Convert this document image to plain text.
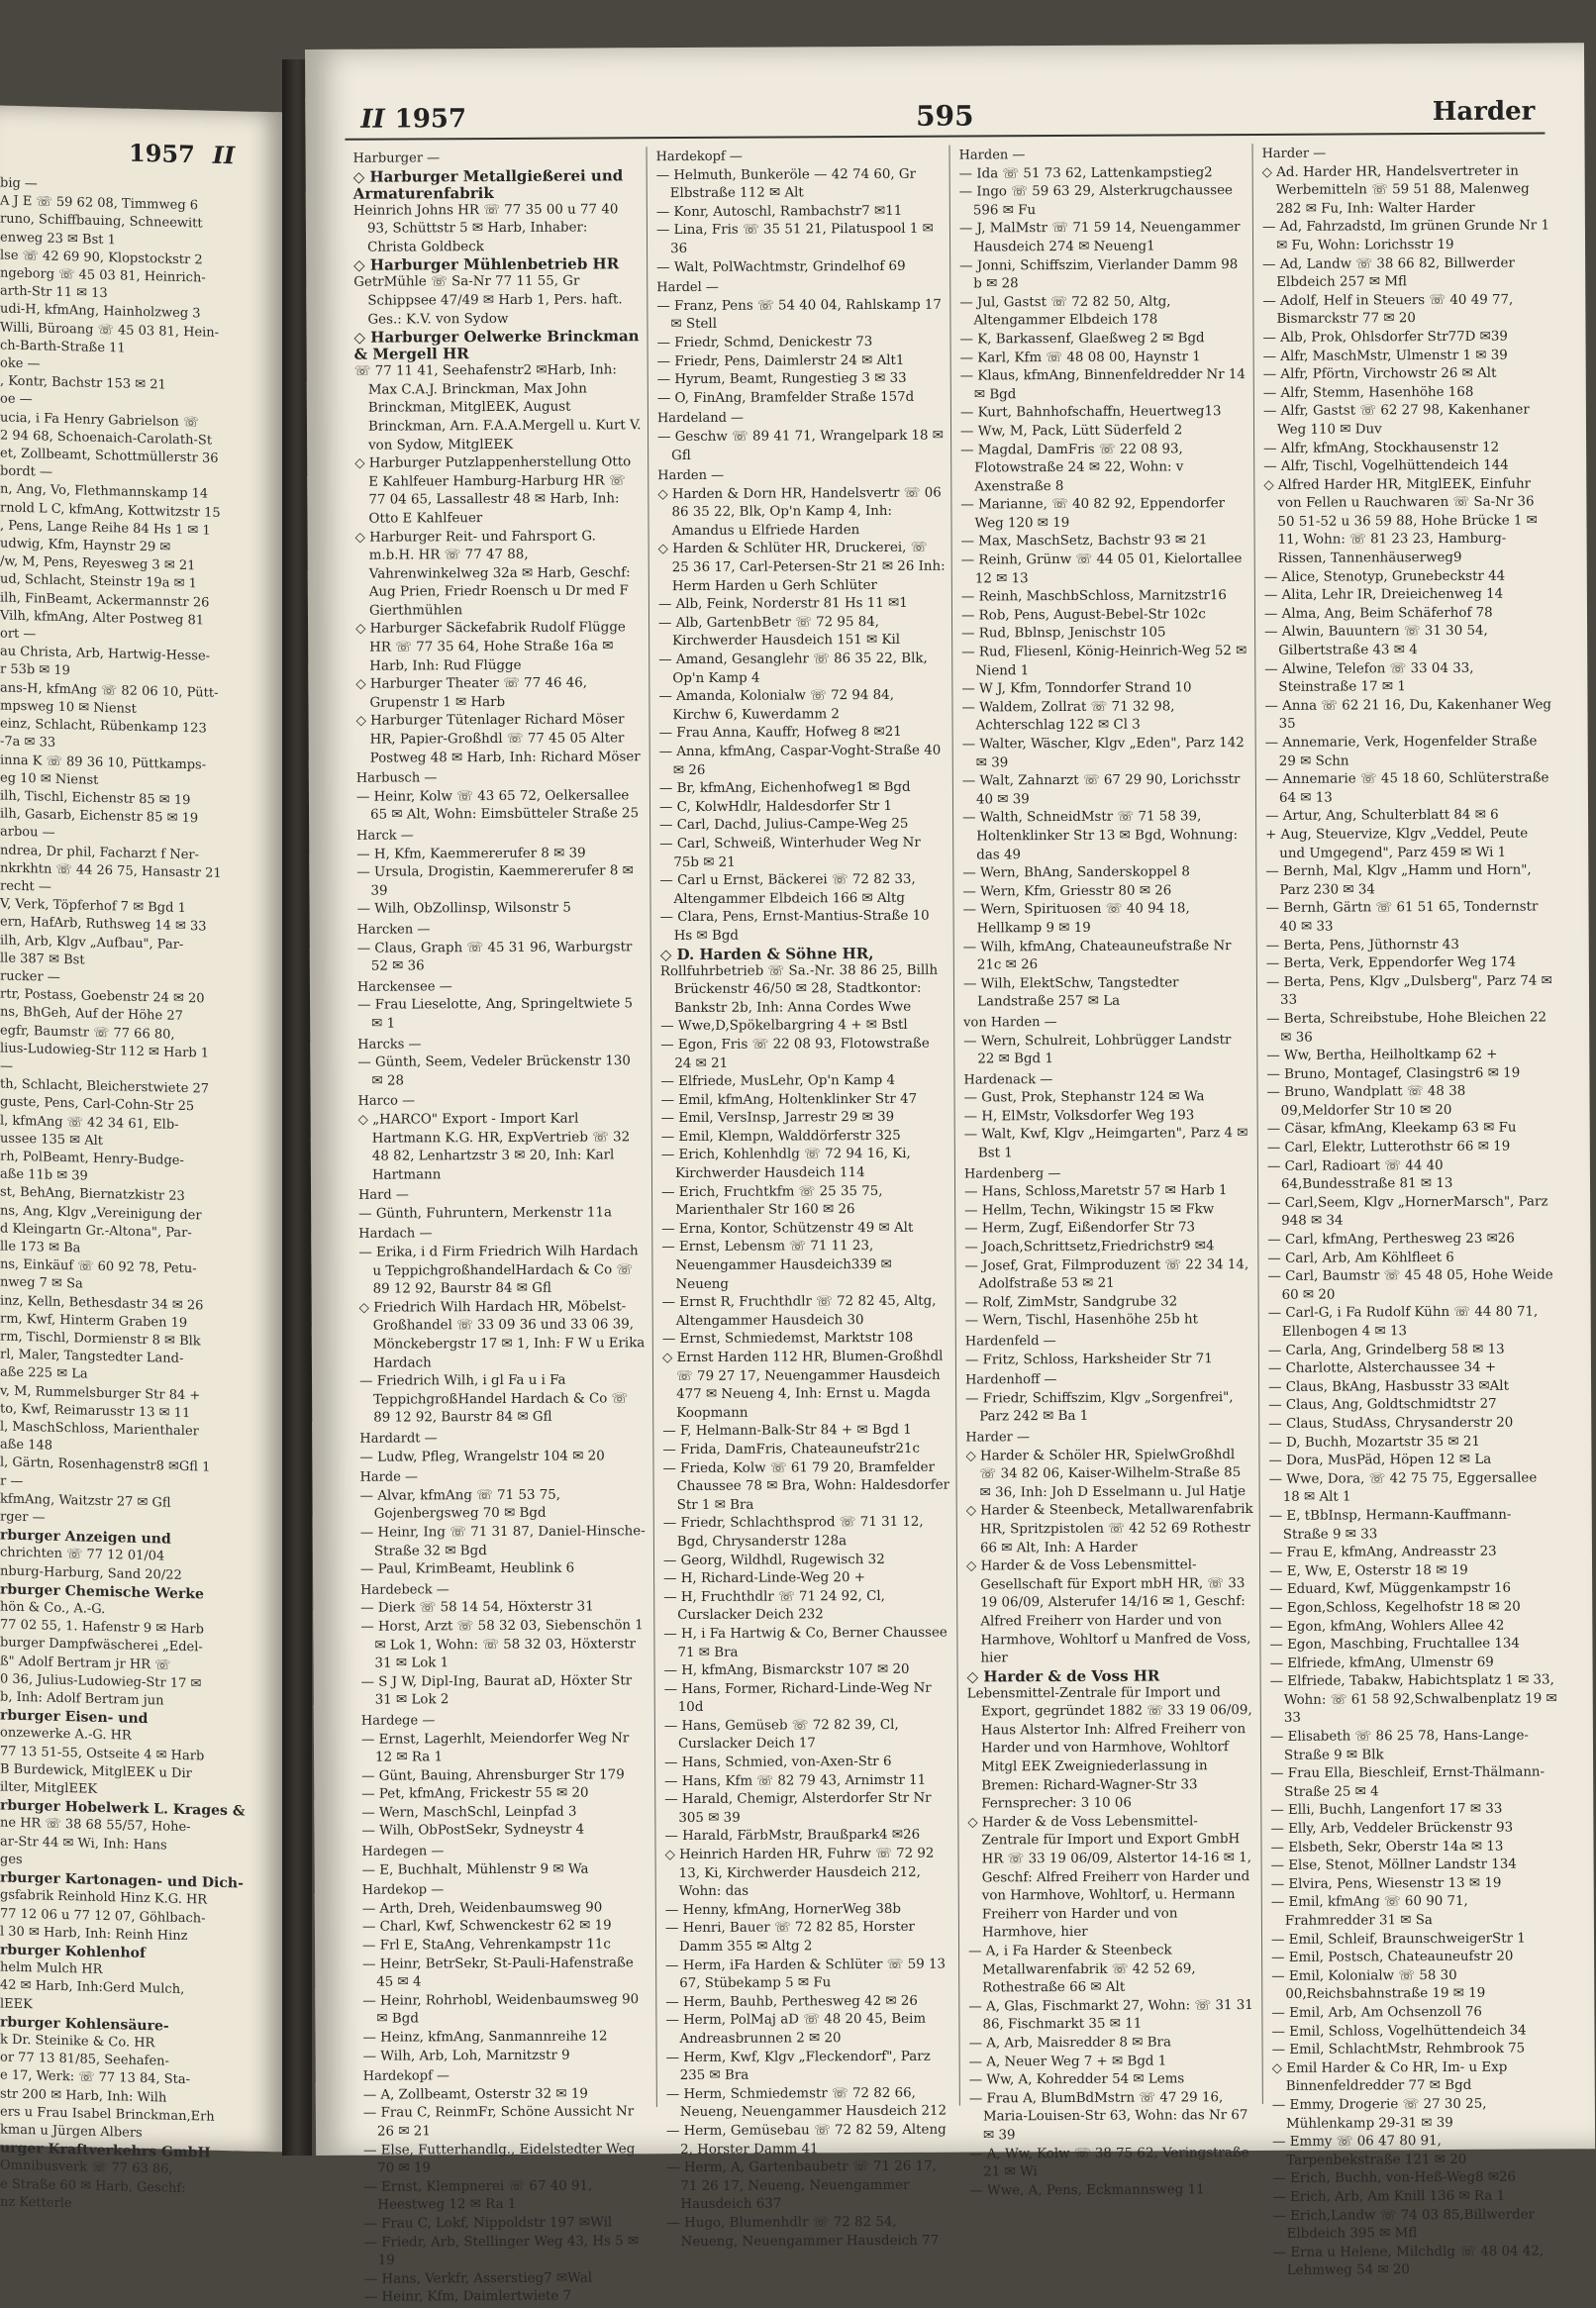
1957 II
big —
A J E ☏ 59 62 08, Timmweg 6
runo, Schiffbauing, Schneewitt
enweg 23 ✉ Bst 1
lse ☏ 42 69 90, Klopstockstr 2
ngeborg ☏ 45 03 81, Heinrich-
arth-Str 11 ✉ 13
udi-H, kfmAng, Hainholzweg 3
Willi, Büroang ☏ 45 03 81, Hein-
ch-Barth-Straße 11
oke —
, Kontr, Bachstr 153 ✉ 21
oe —
ucia, i Fa Henry Gabrielson ☏
2 94 68, Schoenaich-Carolath-St
et, Zollbeamt, Schottmüllerstr 36
bordt —
n, Ang, Vo, Flethmannskamp 14
rnold L C, kfmAng, Kottwitzstr 15
, Pens, Lange Reihe 84 Hs 1 ✉ 1
udwig, Kfm, Haynstr 29 ✉
/w, M, Pens, Reyesweg 3 ✉ 21
ud, Schlacht, Steinstr 19a ✉ 1
ilh, FinBeamt, Ackermannstr 26
Vilh, kfmAng, Alter Postweg 81
ort —
au Christa, Arb, Hartwig-Hesse-
r 53b ✉ 19
ans-H, kfmAng ☏ 82 06 10, Pütt-
mpsweg 10 ✉ Nienst
einz, Schlacht, Rübenkamp 123
-7a ✉ 33
inna K ☏ 89 36 10, Püttkamps-
eg 10 ✉ Nienst
ilh, Tischl, Eichenstr 85 ✉ 19
ilh, Gasarb, Eichenstr 85 ✉ 19
arbou —
ndrea, Dr phil, Facharzt f Ner-
nkrkhtn ☏ 44 26 75, Hansastr 21
recht —
V, Verk, Töpferhof 7 ✉ Bgd 1
ern, HafArb, Ruthsweg 14 ✉ 33
ilh, Arb, Klgv „Aufbau", Par-
lle 387 ✉ Bst
rucker —
rtr, Postass, Goebenstr 24 ✉ 20
ns, BhGeh, Auf der Höhe 27
egfr, Baumstr ☏ 77 66 80,
lius-Ludowieg-Str 112 ✉ Harb 1
—
th, Schlacht, Bleicherstwiete 27
guste, Pens, Carl-Cohn-Str 25
l, kfmAng ☏ 42 34 61, Elb-
ussee 135 ✉ Alt
rh, PolBeamt, Henry-Budge-
aße 11b ✉ 39
st, BehAng, Biernatzkistr 23
ns, Ang, Klgv „Vereinigung der
d Kleingartn Gr.-Altona", Par-
lle 173 ✉ Ba
ns, Einkäuf ☏ 60 92 78, Petu-
nweg 7 ✉ Sa
inz, Kelln, Bethesdastr 34 ✉ 26
rm, Kwf, Hinterm Graben 19
rm, Tischl, Dormienstr 8 ✉ Blk
rl, Maler, Tangstedter Land-
aße 225 ✉ La
v, M, Rummelsburger Str 84 +
to, Kwf, Reimarusstr 13 ✉ 11
l, MaschSchloss, Marienthaler
aße 148
l, Gärtn, Rosenhagenstr8 ✉Gfl 1
r —
kfmAng, Waitzstr 27 ✉ Gfl
rger —
rburger Anzeigen und
chrichten ☏ 77 12 01/04
nburg-Harburg, Sand 20/22
rburger Chemische Werke
hön & Co., A.-G.
77 02 55, 1. Hafenstr 9 ✉ Harb
burger Dampfwäscherei „Edel-
ß" Adolf Bertram jr HR ☏
0 36, Julius-Ludowieg-Str 17 ✉
b, Inh: Adolf Bertram jun
rburger Eisen- und
onzewerke A.-G. HR
77 13 51-55, Ostseite 4 ✉ Harb
B Burdewick, MitglEEK u Dir
ilter, MitglEEK
rburger Hobelwerk L. Krages &
ne HR ☏ 38 68 55/57, Hohe-
ar-Str 44 ✉ Wi, Inh: Hans
ges
rburger Kartonagen- und Dich-
gsfabrik Reinhold Hinz K.G. HR
77 12 06 u 77 12 07, Göhlbach-
l 30 ✉ Harb, Inh: Reinh Hinz
rburger Kohlenhof
helm Mulch HR
42 ✉ Harb, Inh:Gerd Mulch,
lEEK
rburger Kohlensäure-
k Dr. Steinike & Co. HR
or 77 13 81/85, Seehafen-
e 17, Werk: ☏ 77 13 84, Sta-
str 200 ✉ Harb, Inh: Wilh
ers u Frau Isabel Brinckman,Erh
kman u Jürgen Albers
urger Kraftverkehrs GmbH
Omnibusverk ☏ 77 63 86,
e Straße 60 ✉ Harb, Geschf:
nz Ketterle
II 1957	595	Harder
Harburger —
◇ Harburger Metallgießerei und Armaturenfabrik
Heinrich Johns HR ☏ 77 35 00 u 77 40 93, Schüttstr 5 ✉ Harb, Inhaber: Christa Goldbeck
◇ Harburger Mühlenbetrieb HR
GetrMühle ☏ Sa-Nr 77 11 55, Gr Schippsee 47/49 ✉ Harb 1, Pers. haft. Ges.: K.V. von Sydow
◇ Harburger Oelwerke Brinckman & Mergell HR
☏ 77 11 41, Seehafenstr2 ✉Harb, Inh: Max C.A.J. Brinckman, Max John Brinckman, MitglEEK, August Brinckman, Arn. F.A.A.Mergell u. Kurt V. von Sydow, MitglEEK
◇ Harburger Putzlappenherstellung Otto E Kahlfeuer Hamburg-Harburg HR ☏ 77 04 65, Lassallestr 48 ✉ Harb, Inh: Otto E Kahlfeuer
◇ Harburger Reit- und Fahrsport G. m.b.H. HR ☏ 77 47 88, Vahrenwinkelweg 32a ✉ Harb, Geschf: Aug Prien, Friedr Roensch u Dr med F Gierthmühlen
◇ Harburger Säckefabrik Rudolf Flügge HR ☏ 77 35 64, Hohe Straße 16a ✉ Harb, Inh: Rud Flügge
◇ Harburger Theater ☏ 77 46 46, Grupenstr 1 ✉ Harb
◇ Harburger Tütenlager Richard Möser HR, Papier-Großhdl ☏ 77 45 05 Alter Postweg 48 ✉ Harb, Inh: Richard Möser
Harbusch —
— Heinr, Kolw ☏ 43 65 72, Oelkersallee 65 ✉ Alt, Wohn: Eimsbütteler Straße 25
Harck —
— H, Kfm, Kaemmererufer 8 ✉ 39
— Ursula, Drogistin, Kaemmererufer 8 ✉ 39
— Wilh, ObZollinsp, Wilsonstr 5
Harcken —
— Claus, Graph ☏ 45 31 96, Warburgstr 52 ✉ 36
Harckensee —
— Frau Lieselotte, Ang, Springeltwiete 5 ✉ 1
Harcks —
— Günth, Seem, Vedeler Brückenstr 130 ✉ 28
Harco —
◇ „HARCO" Export - Import Karl Hartmann K.G. HR, ExpVertrieb ☏ 32 48 82, Lenhartzstr 3 ✉ 20, Inh: Karl Hartmann
Hard —
— Günth, Fuhruntern, Merkenstr 11a
Hardach —
— Erika, i d Firm Friedrich Wilh Hardach u TeppichgroßhandelHardach & Co ☏ 89 12 92, Baurstr 84 ✉ Gfl
◇ Friedrich Wilh Hardach HR, Möbelst-Großhandel ☏ 33 09 36 und 33 06 39, Mönckebergstr 17 ✉ 1, Inh: F W u Erika Hardach
— Friedrich Wilh, i gl Fa u i Fa TeppichgroßHandel Hardach & Co ☏ 89 12 92, Baurstr 84 ✉ Gfl
Hardardt —
— Ludw, Pfleg, Wrangelstr 104 ✉ 20
Harde —
— Alvar, kfmAng ☏ 71 53 75, Gojenbergsweg 70 ✉ Bgd
— Heinr, Ing ☏ 71 31 87, Daniel-Hinsche-Straße 32 ✉ Bgd
— Paul, KrimBeamt, Heublink 6
Hardebeck —
— Dierk ☏ 58 14 54, Höxterstr 31
— Horst, Arzt ☏ 58 32 03, Siebenschön 1 ✉ Lok 1, Wohn: ☏ 58 32 03, Höxterstr 31 ✉ Lok 1
— S J W, Dipl-Ing, Baurat aD, Höxter Str 31 ✉ Lok 2
Hardege —
— Ernst, Lagerhlt, Meiendorfer Weg Nr 12 ✉ Ra 1
— Günt, Bauing, Ahrensburger Str 179
— Pet, kfmAng, Frickestr 55 ✉ 20
— Wern, MaschSchl, Leinpfad 3
— Wilh, ObPostSekr, Sydneystr 4
Hardegen —
— E, Buchhalt, Mühlenstr 9 ✉ Wa
Hardekop —
— Arth, Dreh, Weidenbaumsweg 90
— Charl, Kwf, Schwenckestr 62 ✉ 19
— Frl E, StaAng, Vehrenkampstr 11c
— Heinr, BetrSekr, St-Pauli-Hafenstraße 45 ✉ 4
— Heinr, Rohrhobl, Weidenbaumsweg 90 ✉ Bgd
— Heinz, kfmAng, Sanmannreihe 12
— Wilh, Arb, Loh, Marnitzstr 9
Hardekopf —
— A, Zollbeamt, Osterstr 32 ✉ 19
— Frau C, ReinmFr, Schöne Aussicht Nr 26 ✉ 21
— Else, Futterhandlg., Eidelstedter Weg 70 ✉ 19
— Ernst, Klempnerei ☏ 67 40 91, Heestweg 12 ✉ Ra 1
— Frau C, Lokf, Nippoldstr 197 ✉Wil
— Friedr, Arb, Stellinger Weg 43, Hs 5 ✉ 19
— Hans, Verkfr, Asserstieg7 ✉Wal
— Heinr, Kfm, Daimlertwiete 7
Hardekopf —
— Helmuth, Bunkeröle — 42 74 60, Gr Elbstraße 112 ✉ Alt
— Konr, Autoschl, Rambachstr7 ✉11
— Lina, Fris ☏ 35 51 21, Pilatuspool 1 ✉ 36
— Walt, PolWachtmstr, Grindelhof 69
Hardel —
— Franz, Pens ☏ 54 40 04, Rahlskamp 17 ✉ Stell
— Friedr, Schmd, Denickestr 73
— Friedr, Pens, Daimlerstr 24 ✉ Alt1
— Hyrum, Beamt, Rungestieg 3 ✉ 33
— O, FinAng, Bramfelder Straße 157d
Hardeland —
— Geschw ☏ 89 41 71, Wrangelpark 18 ✉ Gfl
Harden —
◇ Harden & Dorn HR, Handelsvertr ☏ 06 86 35 22, Blk, Op'n Kamp 4, Inh: Amandus u Elfriede Harden
◇ Harden & Schlüter HR, Druckerei, ☏ 25 36 17, Carl-Petersen-Str 21 ✉ 26 Inh: Herm Harden u Gerh Schlüter
— Alb, Feink, Norderstr 81 Hs 11 ✉1
— Alb, GartenbBetr ☏ 72 95 84, Kirchwerder Hausdeich 151 ✉ Kil
— Amand, Gesanglehr ☏ 86 35 22, Blk, Op'n Kamp 4
— Amanda, Kolonialw ☏ 72 94 84, Kirchw 6, Kuwerdamm 2
— Frau Anna, Kauffr, Hofweg 8 ✉21
— Anna, kfmAng, Caspar-Voght-Straße 40 ✉ 26
— Br, kfmAng, Eichenhofweg1 ✉ Bgd
— C, KolwHdlr, Haldesdorfer Str 1
— Carl, Dachd, Julius-Campe-Weg 25
— Carl, Schweiß, Winterhuder Weg Nr 75b ✉ 21
— Carl u Ernst, Bäckerei ☏ 72 82 33, Altengammer Elbdeich 166 ✉ Altg
— Clara, Pens, Ernst-Mantius-Straße 10 Hs ✉ Bgd
◇ D. Harden & Söhne HR,
Rollfuhrbetrieb ☏ Sa.-Nr. 38 86 25, Billh Brückenstr 46/50 ✉ 28, Stadtkontor: Bankstr 2b, Inh: Anna Cordes Wwe
— Wwe,D,Spökelbargring 4 + ✉ Bstl
— Egon, Fris ☏ 22 08 93, Flotowstraße 24 ✉ 21
— Elfriede, MusLehr, Op'n Kamp 4
— Emil, kfmAng, Holtenklinker Str 47
— Emil, VersInsp, Jarrestr 29 ✉ 39
— Emil, Klempn, Walddörferstr 325
— Erich, Kohlenhdlg ☏ 72 94 16, Ki, Kirchwerder Hausdeich 114
— Erich, Fruchtkfm ☏ 25 35 75, Marienthaler Str 160 ✉ 26
— Erna, Kontor, Schützenstr 49 ✉ Alt
— Ernst, Lebensm ☏ 71 11 23, Neuengammer Hausdeich339 ✉ Neueng
— Ernst R, Fruchthdlr ☏ 72 82 45, Altg, Altengammer Hausdeich 30
— Ernst, Schmiedemst, Marktstr 108
◇ Ernst Harden 112 HR, Blumen-Großhdl ☏ 79 27 17, Neuengammer Hausdeich 477 ✉ Neueng 4, Inh: Ernst u. Magda Koopmann
— F, Helmann-Balk-Str 84 + ✉ Bgd 1
— Frida, DamFris, Chateauneufstr21c
— Frieda, Kolw ☏ 61 79 20, Bramfelder Chaussee 78 ✉ Bra, Wohn: Haldesdorfer Str 1 ✉ Bra
— Friedr, Schlachthsprod ☏ 71 31 12, Bgd, Chrysanderstr 128a
— Georg, Wildhdl, Rugewisch 32
— H, Richard-Linde-Weg 20 +
— H, Fruchthdlr ☏ 71 24 92, Cl, Curslacker Deich 232
— H, i Fa Hartwig & Co, Berner Chaussee 71 ✉ Bra
— H, kfmAng, Bismarckstr 107 ✉ 20
— Hans, Former, Richard-Linde-Weg Nr 10d
— Hans, Gemüseb ☏ 72 82 39, Cl, Curslacker Deich 17
— Hans, Schmied, von-Axen-Str 6
— Hans, Kfm ☏ 82 79 43, Arnimstr 11
— Harald, Chemigr, Alsterdorfer Str Nr 305 ✉ 39
— Harald, FärbMstr, Braußpark4 ✉26
◇ Heinrich Harden HR, Fuhrw ☏ 72 92 13, Ki, Kirchwerder Hausdeich 212, Wohn: das
— Henny, kfmAng, HornerWeg 38b
— Henri, Bauer ☏ 72 82 85, Horster Damm 355 ✉ Altg 2
— Herm, iFa Harden & Schlüter ☏ 59 13 67, Stübekamp 5 ✉ Fu
— Herm, Bauhb, Perthesweg 42 ✉ 26
— Herm, PolMaj aD ☏ 48 20 45, Beim Andreasbrunnen 2 ✉ 20
— Herm, Kwf, Klgv „Fleckendorf", Parz 235 ✉ Bra
— Herm, Schmiedemstr ☏ 72 82 66, Neueng, Neuengammer Hausdeich 212
— Herm, Gemüsebau ☏ 72 82 59, Alteng 2, Horster Damm 41
— Herm, A, Gartenbaubetr ☏ 71 26 17, 71 26 17, Neueng, Neuengammer Hausdeich 637
— Hugo, Blumenhdlr ☏ 72 82 54, Neueng, Neuengammer Hausdeich 77
Harden —
— Ida ☏ 51 73 62, Lattenkampstieg2
— Ingo ☏ 59 63 29, Alsterkrugchaussee 596 ✉ Fu
— J, MalMstr ☏ 71 59 14, Neuengammer Hausdeich 274 ✉ Neueng1
— Jonni, Schiffszim, Vierlander Damm 98 b ✉ 28
— Jul, Gastst ☏ 72 82 50, Altg, Altengammer Elbdeich 178
— K, Barkassenf, Glaeßweg 2 ✉ Bgd
— Karl, Kfm ☏ 48 08 00, Haynstr 1
— Klaus, kfmAng, Binnenfeldredder Nr 14 ✉ Bgd
— Kurt, Bahnhofschaffn, Heuertweg13
— Ww, M, Pack, Lütt Süderfeld 2
— Magdal, DamFris ☏ 22 08 93, Flotowstraße 24 ✉ 22, Wohn: v Axenstraße 8
— Marianne, ☏ 40 82 92, Eppendorfer Weg 120 ✉ 19
— Max, MaschSetz, Bachstr 93 ✉ 21
— Reinh, Grünw ☏ 44 05 01, Kielortallee 12 ✉ 13
— Reinh, MaschbSchloss, Marnitzstr16
— Rob, Pens, August-Bebel-Str 102c
— Rud, Bblnsp, Jenischstr 105
— Rud, Fliesenl, König-Heinrich-Weg 52 ✉ Niend 1
— W J, Kfm, Tonndorfer Strand 10
— Waldem, Zollrat ☏ 71 32 98, Achterschlag 122 ✉ Cl 3
— Walter, Wäscher, Klgv „Eden", Parz 142 ✉ 39
— Walt, Zahnarzt ☏ 67 29 90, Lorichsstr 40 ✉ 39
— Walth, SchneidMstr ☏ 71 58 39, Holtenklinker Str 13 ✉ Bgd, Wohnung: das 49
— Wern, BhAng, Sanderskoppel 8
— Wern, Kfm, Griesstr 80 ✉ 26
— Wern, Spirituosen ☏ 40 94 18, Hellkamp 9 ✉ 19
— Wilh, kfmAng, Chateauneufstraße Nr 21c ✉ 26
— Wilh, ElektSchw, Tangstedter Landstraße 257 ✉ La
von Harden —
— Wern, Schulreit, Lohbrügger Landstr 22 ✉ Bgd 1
Hardenack —
— Gust, Prok, Stephanstr 124 ✉ Wa
— H, ElMstr, Volksdorfer Weg 193
— Walt, Kwf, Klgv „Heimgarten", Parz 4 ✉ Bst 1
Hardenberg —
— Hans, Schloss,Maretstr 57 ✉ Harb 1
— Hellm, Techn, Wikingstr 15 ✉ Fkw
— Herm, Zugf, Eißendorfer Str 73
— Joach,Schrittsetz,Friedrichstr9 ✉4
— Josef, Grat, Filmproduzent ☏ 22 34 14, Adolfstraße 53 ✉ 21
— Rolf, ZimMstr, Sandgrube 32
— Wern, Tischl, Hasenhöhe 25b ht
Hardenfeld —
— Fritz, Schloss, Harksheider Str 71
Hardenhoff —
— Friedr, Schiffszim, Klgv „Sorgenfrei", Parz 242 ✉ Ba 1
Harder —
◇ Harder & Schöler HR, SpielwGroßhdl ☏ 34 82 06, Kaiser-Wilhelm-Straße 85 ✉ 36, Inh: Joh D Esselmann u. Jul Hatje
◇ Harder & Steenbeck, Metallwarenfabrik HR, Spritzpistolen ☏ 42 52 69 Rothestr 66 ✉ Alt, Inh: A Harder
◇ Harder & de Voss Lebensmittel-Gesellschaft für Export mbH HR, ☏ 33 19 06/09, Alsterufer 14/16 ✉ 1, Geschf: Alfred Freiherr von Harder und von Harmhove, Wohltorf u Manfred de Voss, hier
◇ Harder & de Voss HR
Lebensmittel-Zentrale für Import und Export, gegründet 1882 ☏ 33 19 06/09, Haus Alstertor Inh: Alfred Freiherr von Harder und von Harmhove, Wohltorf Mitgl EEK Zweigniederlassung in Bremen: Richard-Wagner-Str 33 Fernsprecher: 3 10 06
◇ Harder & de Voss Lebensmittel-Zentrale für Import und Export GmbH HR ☏ 33 19 06/09, Alstertor 14-16 ✉ 1, Geschf: Alfred Freiherr von Harder und von Harmhove, Wohltorf, u. Hermann Freiherr von Harder und von Harmhove, hier
— A, i Fa Harder & Steenbeck Metallwarenfabrik ☏ 42 52 69, Rothestraße 66 ✉ Alt
— A, Glas, Fischmarkt 27, Wohn: ☏ 31 31 86, Fischmarkt 35 ✉ 11
— A, Arb, Maisredder 8 ✉ Bra
— A, Neuer Weg 7 + ✉ Bgd 1
— Ww, A, Kohredder 54 ✉ Lems
— Frau A, BlumBdMstrn ☏ 47 29 16, Maria-Louisen-Str 63, Wohn: das Nr 67 ✉ 39
— A, Ww, Kolw ☏ 38 75 62, Veringstraße 21 ✉ Wi
— Wwe, A, Pens, Eckmannsweg 11
Harder —
◇ Ad. Harder HR, Handelsvertreter in Werbemitteln ☏ 59 51 88, Malenweg 282 ✉ Fu, Inh: Walter Harder
— Ad, Fahrzadstd, Im grünen Grunde Nr 1 ✉ Fu, Wohn: Lorichsstr 19
— Ad, Landw ☏ 38 66 82, Billwerder Elbdeich 257 ✉ Mfl
— Adolf, Helf in Steuers ☏ 40 49 77, Bismarckstr 77 ✉ 20
— Alb, Prok, Ohlsdorfer Str77D ✉39
— Alfr, MaschMstr, Ulmenstr 1 ✉ 39
— Alfr, Pförtn, Virchowstr 26 ✉ Alt
— Alfr, Stemm, Hasenhöhe 168
— Alfr, Gastst ☏ 62 27 98, Kakenhaner Weg 110 ✉ Duv
— Alfr, kfmAng, Stockhausenstr 12
— Alfr, Tischl, Vogelhüttendeich 144
◇ Alfred Harder HR, MitglEEK, Einfuhr von Fellen u Rauchwaren ☏ Sa-Nr 36 50 51-52 u 36 59 88, Hohe Brücke 1 ✉ 11, Wohn: ☏ 81 23 23, Hamburg-Rissen, Tannenhäuserweg9
— Alice, Stenotyp, Grunebeckstr 44
— Alita, Lehr IR, Dreieichenweg 14
— Alma, Ang, Beim Schäferhof 78
— Alwin, Bauuntern ☏ 31 30 54, Gilbertstraße 43 ✉ 4
— Alwine, Telefon ☏ 33 04 33, Steinstraße 17 ✉ 1
— Anna ☏ 62 21 16, Du, Kakenhaner Weg 35
— Annemarie, Verk, Hogenfelder Straße 29 ✉ Schn
— Annemarie ☏ 45 18 60, Schlüterstraße 64 ✉ 13
— Artur, Ang, Schulterblatt 84 ✉ 6
+ Aug, Steuervize, Klgv „Veddel, Peute und Umgegend", Parz 459 ✉ Wi 1
— Bernh, Mal, Klgv „Hamm und Horn", Parz 230 ✉ 34
— Bernh, Gärtn ☏ 61 51 65, Tondernstr 40 ✉ 33
— Berta, Pens, Jüthornstr 43
— Berta, Verk, Eppendorfer Weg 174
— Berta, Pens, Klgv „Dulsberg", Parz 74 ✉ 33
— Berta, Schreibstube, Hohe Bleichen 22 ✉ 36
— Ww, Bertha, Heilholtkamp 62 +
— Bruno, Montagef, Clasingstr6 ✉ 19
— Bruno, Wandplatt ☏ 48 38 09,Meldorfer Str 10 ✉ 20
— Cäsar, kfmAng, Kleekamp 63 ✉ Fu
— Carl, Elektr, Lutterothstr 66 ✉ 19
— Carl, Radioart ☏ 44 40 64,Bundesstraße 81 ✉ 13
— Carl,Seem, Klgv „HornerMarsch", Parz 948 ✉ 34
— Carl, kfmAng, Perthesweg 23 ✉26
— Carl, Arb, Am Köhlfleet 6
— Carl, Baumstr ☏ 45 48 05, Hohe Weide 60 ✉ 20
— Carl-G, i Fa Rudolf Kühn ☏ 44 80 71, Ellenbogen 4 ✉ 13
— Carla, Ang, Grindelberg 58 ✉ 13
— Charlotte, Alsterchaussee 34 +
— Claus, BkAng, Hasbusstr 33 ✉Alt
— Claus, Ang, Goldtschmidtstr 27
— Claus, StudAss, Chrysanderstr 20
— D, Buchh, Mozartstr 35 ✉ 21
— Dora, MusPäd, Höpen 12 ✉ La
— Wwe, Dora, ☏ 42 75 75, Eggersallee 18 ✉ Alt 1
— E, tBbInsp, Hermann-Kauffmann-Straße 9 ✉ 33
— Frau E, kfmAng, Andreasstr 23
— E, Ww, E, Osterstr 18 ✉ 19
— Eduard, Kwf, Müggenkampstr 16
— Egon,Schloss, Kegelhofstr 18 ✉ 20
— Egon, kfmAng, Wohlers Allee 42
— Egon, Maschbing, Fruchtallee 134
— Elfriede, kfmAng, Ulmenstr 69
— Elfriede, Tabakw, Habichtsplatz 1 ✉ 33, Wohn: ☏ 61 58 92,Schwalbenplatz 19 ✉ 33
— Elisabeth ☏ 86 25 78, Hans-Lange-Straße 9 ✉ Blk
— Frau Ella, Bieschleif, Ernst-Thälmann-Straße 25 ✉ 4
— Elli, Buchh, Langenfort 17 ✉ 33
— Elly, Arb, Veddeler Brückenstr 93
— Elsbeth, Sekr, Oberstr 14a ✉ 13
— Else, Stenot, Möllner Landstr 134
— Elvira, Pens, Wiesenstr 13 ✉ 19
— Emil, kfmAng ☏ 60 90 71, Frahmredder 31 ✉ Sa
— Emil, Schleif, BraunschweigerStr 1
— Emil, Postsch, Chateauneufstr 20
— Emil, Kolonialw ☏ 58 30 00,Reichsbahnstraße 19 ✉ 19
— Emil, Arb, Am Ochsenzoll 76
— Emil, Schloss, Vogelhüttendeich 34
— Emil, SchlachtMstr, Rehmbrook 75
◇ Emil Harder & Co HR, Im- u Exp Binnenfeldredder 77 ✉ Bgd
— Emmy, Drogerie ☏ 27 30 25, Mühlenkamp 29-31 ✉ 39
— Emmy ☏ 06 47 80 91, Tarpenbekstraße 121 ✉ 20
— Erich, Buchh, von-Heß-Weg8 ✉26
— Erich, Arb, Am Knill 136 ✉ Ra 1
— Erich,Landw ☏ 74 03 85,Billwerder Elbdeich 395 ✉ Mfl
— Erna u Helene, Milchdlg ☏ 48 04 42, Lehmweg 54 ✉ 20
